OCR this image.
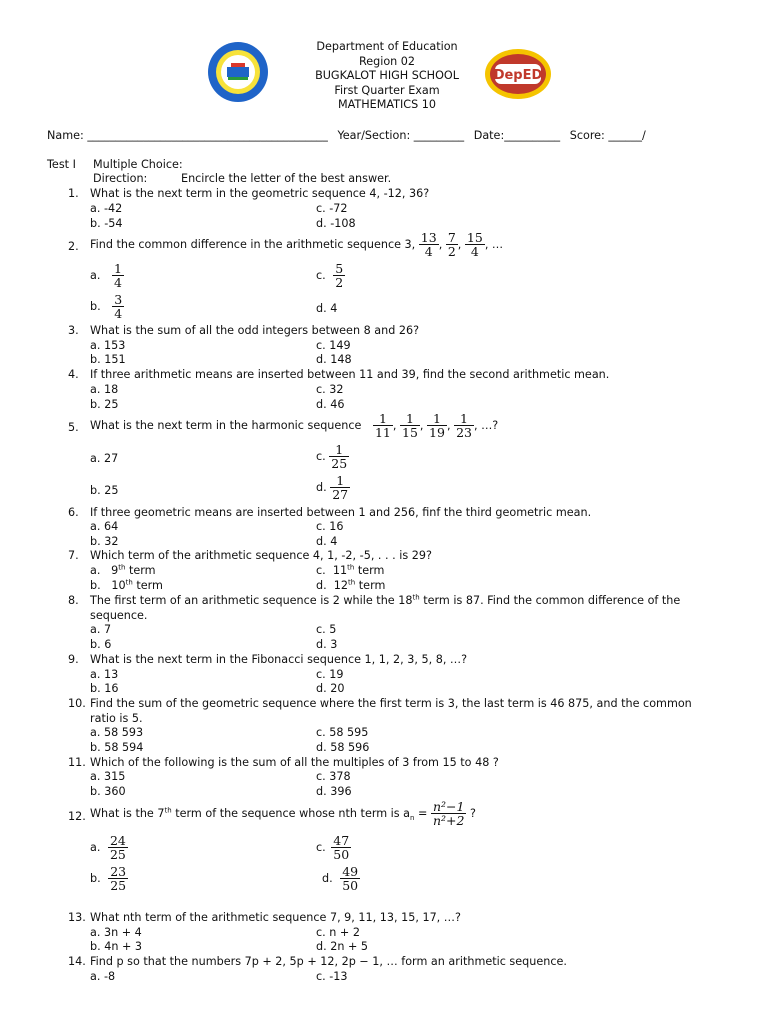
Department of Education
Region 02
BUGKALOT HIGH SCHOOL
First Quarter Exam
MATHEMATICS 10
DepED
Name: ___________________________________________ Year/Section: _________ Date:__________ Score: ______/
Test I Multiple Choice:
Direction:	Encircle the letter of the best answer.
1. What is the next term in the geometric sequence 4, -12, 36?
a. -42
b. -54
c. -72
d. -108
2. Find the common difference in the arithmetic sequence 3, $\frac{13}{4}$ , $\frac{7}{2}$ , $\frac{15}{4}$ , …
a. $\frac{1}{4}$
b. $\frac{3}{4}$
c. $\frac{5}{2}$
d. 4
3. What is the sum of all the odd integers between 8 and 26?
a. 153
b. 151
c. 149
d. 148
4. If three arithmetic means are inserted between 11 and 39, find the second arithmetic mean.
a. 18
b. 25
c. 32
d. 46
5. What is the next term in the harmonic sequence $\frac{1}{11}$ , $\frac{1}{15}$ , $\frac{1}{19}$ , $\frac{1}{23}$ , …?
a. 27
b. 25
c. $\frac{1}{25}$
d. $\frac{1}{27}$
6. If three geometric means are inserted between 1 and 256, finf the third geometric mean.
a. 64
b. 32
c. 16
d. 4
7. Which term of the arithmetic sequence 4, 1, -2, -5, . . . is 29?
a. 9th term
b. 10th term
c. 11th term
d. 12th term
8. The first term of an arithmetic sequence is 2 while the 18th term is 87. Find the common difference of the
sequence.
a. 7
b. 6
c. 5
d. 3
9. What is the next term in the Fibonacci sequence 1, 1, 2, 3, 5, 8, …?
a. 13
b. 16
c. 19
d. 20
10. Find the sum of the geometric sequence where the first term is 3, the last term is 46 875, and the common
ratio is 5.
a. 58 593
b. 58 594
c. 58 595
d. 58 596
11. Which of the following is the sum of all the multiples of 3 from 15 to 48 ?
a. 315
b. 360
c. 378
d. 396
12. What is the 7th term of the sequence whose nth term is $a_n = \frac{\text{n²−1}}{\text{n²+2}}$ ?
a. $\frac{24}{25}$
b. $\frac{23}{25}$
c. $\frac{47}{50}$
d. $\frac{49}{50}$
13. What nth term of the arithmetic sequence 7, 9, 11, 13, 15, 17, …?
a. 3n + 4
b. 4n + 3
c. n + 2
d. 2n + 5
14. Find p so that the numbers 7p + 2, 5p + 12, 2p − 1, … form an arithmetic sequence.
a. -8	c. -13
